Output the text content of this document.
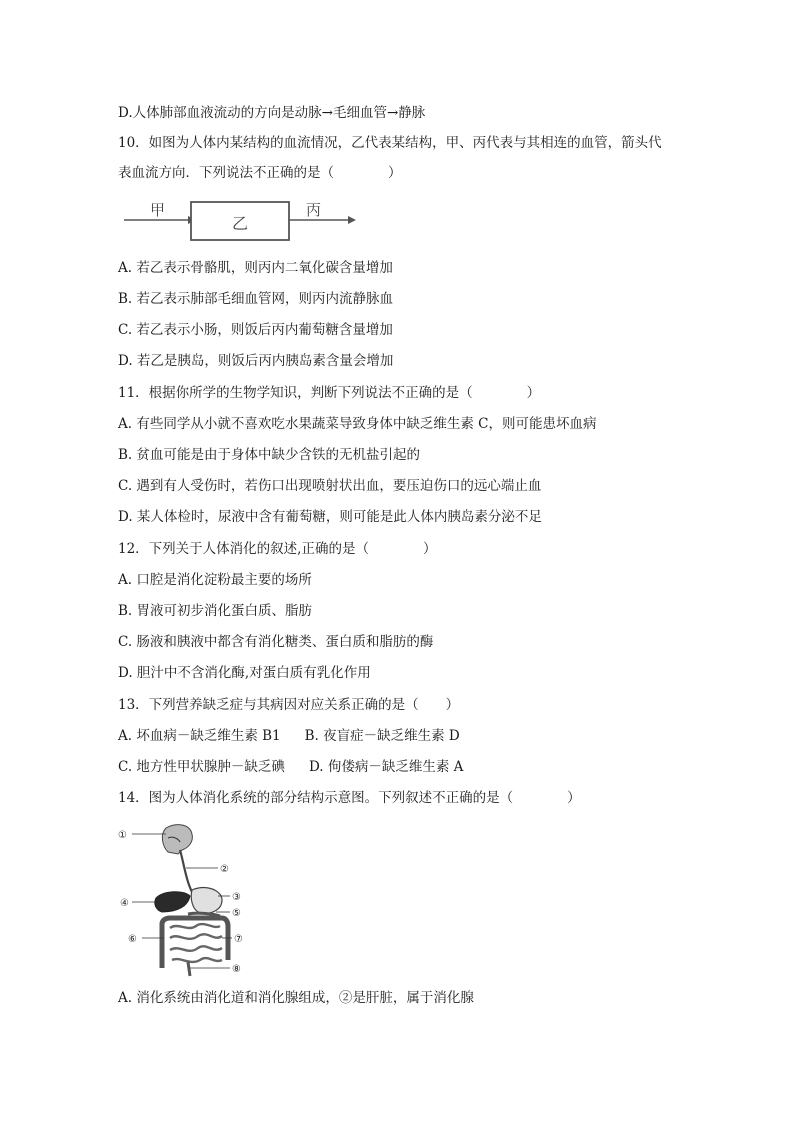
D.人体肺部血液流动的方向是动脉→毛细血管→静脉
10．如图为人体内某结构的血流情况，乙代表某结构，甲、丙代表与其相连的血管，箭头代
表血流方向．下列说法不正确的是（　　　　）
甲
乙
丙
A. 若乙表示骨骼肌，则丙内二氧化碳含量增加
B. 若乙表示肺部毛细血管网，则丙内流静脉血
C. 若乙表示小肠，则饭后丙内葡萄糖含量增加
D. 若乙是胰岛，则饭后丙内胰岛素含量会增加
11．根据你所学的生物学知识，判断下列说法不正确的是（　　　　）
A. 有些同学从小就不喜欢吃水果蔬菜导致身体中缺乏维生素 C，则可能患坏血病
B. 贫血可能是由于身体中缺少含铁的无机盐引起的
C. 遇到有人受伤时，若伤口出现喷射状出血，要压迫伤口的远心端止血
D. 某人体检时，尿液中含有葡萄糖，则可能是此人体内胰岛素分泌不足
12．下列关于人体消化的叙述,正确的是（　　　　）
A. 口腔是消化淀粉最主要的场所
B. 胃液可初步消化蛋白质、脂肪
C. 肠液和胰液中都含有消化糖类、蛋白质和脂肪的酶
D. 胆汁中不含消化酶,对蛋白质有乳化作用
13．下列营养缺乏症与其病因对应关系正确的是（　　）
A. 坏血病－缺乏维生素 B1 B. 夜盲症－缺乏维生素 D
C. 地方性甲状腺肿－缺乏碘 D. 佝偻病－缺乏维生素 A
14．图为人体消化系统的部分结构示意图。下列叙述不正确的是（　　　　）
①
②
③
④
⑤
⑥	⑦
⑧
A. 消化系统由消化道和消化腺组成，②是肝脏，属于消化腺
